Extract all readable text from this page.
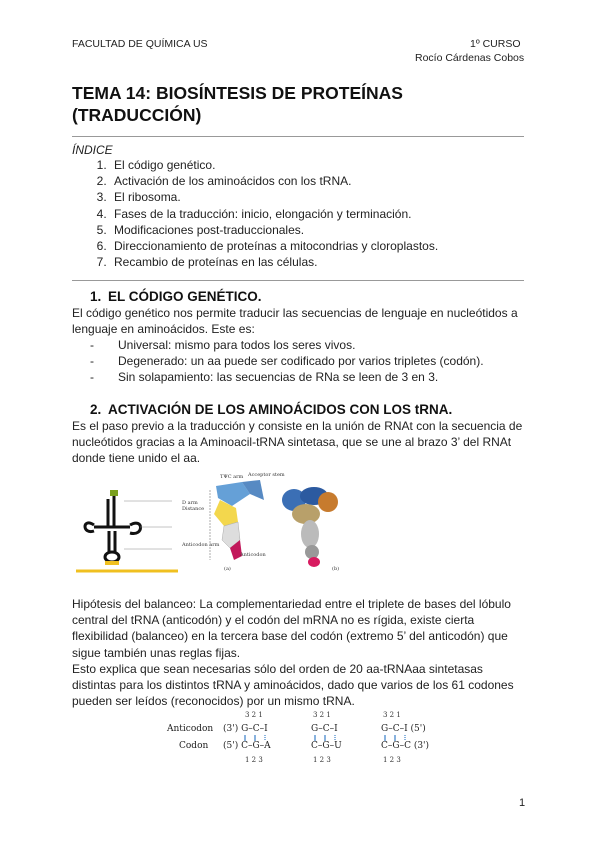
FACULTAD DE QUÍMICA US	1º CURSO
Rocío Cárdenas Cobos
TEMA 14: BIOSÍNTESIS DE PROTEÍNAS
(TRADUCCIÓN)
ÍNDICE
1. El código genético.
2. Activación de los aminoácidos con los tRNA.
3. El ribosoma.
4. Fases de la traducción: inicio, elongación y terminación.
5. Modificaciones post-traduccionales.
6. Direccionamiento de proteínas a mitocondrias y cloroplastos.
7. Recambio de proteínas en las células.
1. EL CÓDIGO GENÉTICO.
El código genético nos permite traducir las secuencias de lenguaje en nucleótidos a
lenguaje en aminoácidos. Este es:
- Universal: mismo para todos los seres vivos.
- Degenerado: un aa puede ser codificado por varios tripletes (codón).
- Sin solapamiento: las secuencias de RNa se leen de 3 en 3.
2. ACTIVACIÓN DE LOS AMINOÁCIDOS CON LOS tRNA.
Es el paso previo a la traducción y consiste en la unión de RNAt con la secuencia de
nucleótidos gracias a la Aminoacil-tRNA sintetasa, que se une al brazo 3’ del RNAt
donde tiene unido el aa.
TΨC arm Acceptor stem
D arm
Distance
Anticodon arm
Anticodon
(a)	(b)
Hipótesis del balanceo: La complementariedad entre el triplete de bases del lóbulo
central del tRNA (anticodón) y el codón del mRNA no es rígida, existe cierta
flexibilidad (balanceo) en la tercera base del codón (extremo 5’ del anticodón) que
sigue también unas reglas fijas.
Esto explica que sean necesarias sólo del orden de 20 aa-tRNAaa sintetasas
distintas para los distintos tRNA y aminoácidos, dado que varios de los 61 codones
pueden ser leídos (reconocidos) por un mismo tRNA.
Anticodon
Codon
3 2 1
(3') G–C–I
(5') C–G–A
1 2 3
3 2 1
G–C–I
C–G–U
1 2 3
3 2 1
G–C–I (5')
C–G–C (3')
1 2 3
1
